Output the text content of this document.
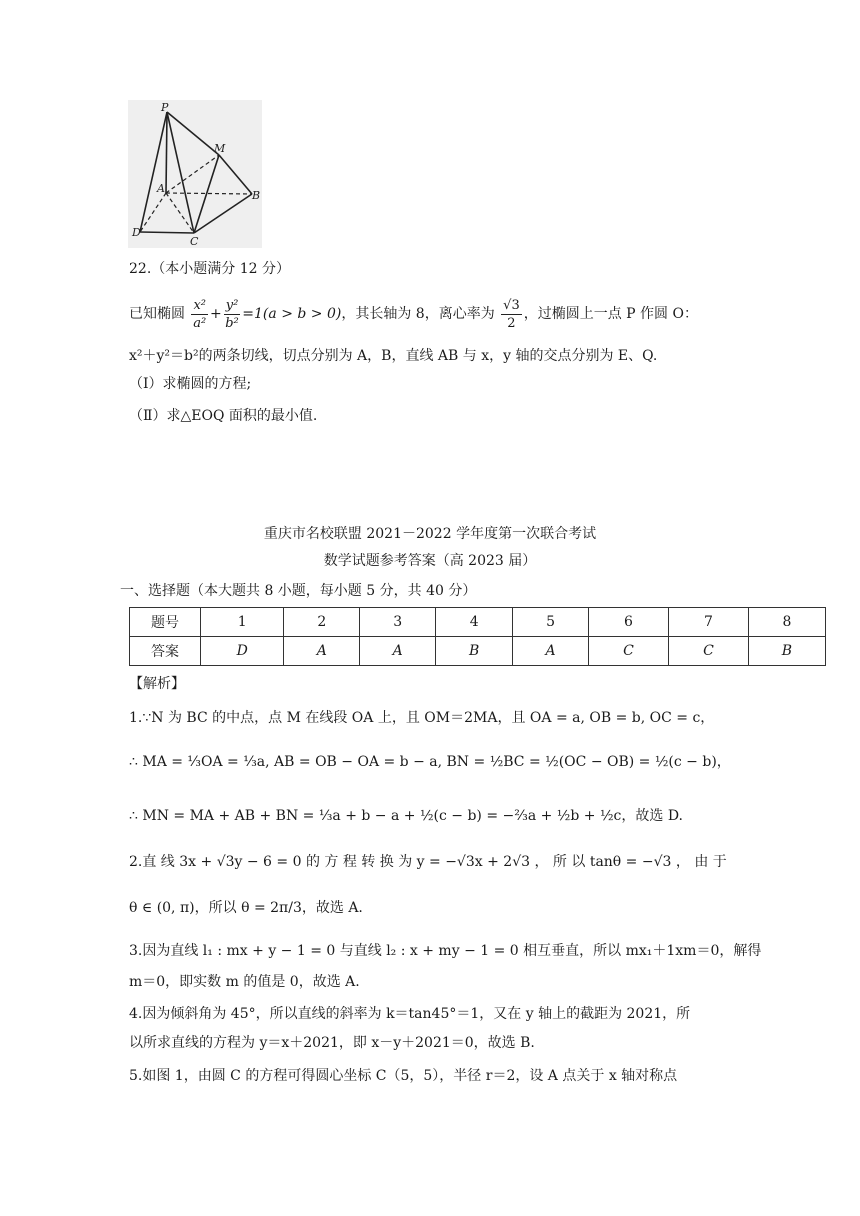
P
M
A
B
C
D
22.（本小题满分 12 分）
已知椭圆 $\frac{\text{x²}}{\text{a²}} + \frac{\text{y²}}{\text{b²}} =1(a > b > 0)$，其长轴为 8，离心率为 $\frac{√3}{2}$ ，过椭圆上一点 P 作圆 O：
x²＋y²＝b²的两条切线，切点分别为 A，B，直线 AB 与 x，y 轴的交点分别为 E、Q.
（Ⅰ）求椭圆的方程;
（Ⅱ）求△EOQ 面积的最小值.
重庆市名校联盟 2021－2022 学年度第一次联合考试
数学试题参考答案（高 2023 届）
一、选择题（本大题共 8 小题，每小题 5 分，共 40 分）
题号	1	2	3	4	5	6	7	8
答案	D	A	A	B	A	C	C	B
【解析】
1.∵N 为 BC 的中点，点 M 在线段 OA 上，且 OM＝2MA，且 OA = a, OB = b, OC = c，
∴ MA = ⅓OA = ⅓a, AB = OB − OA = b − a, BN = ½BC = ½(OC − OB) = ½(c − b)，
∴ MN = MA + AB + BN = ⅓a + b − a + ½(c − b) = −⅔a + ½b + ½c，故选 D.
2.直 线 3x + √3y − 6 = 0 的 方 程 转 换 为 y = −√3x + 2√3 ， 所 以 tanθ = −√3 ， 由 于
θ ∈ (0, π)，所以 θ = 2π/3，故选 A.
3.因为直线 l₁ : mx + y − 1 = 0 与直线 l₂ : x + my − 1 = 0 相互垂直，所以 mx₁＋1xm＝0，解得
m＝0，即实数 m 的值是 0，故选 A.
4.因为倾斜角为 45°，所以直线的斜率为 k＝tan45°＝1，又在 y 轴上的截距为 2021，所
以所求直线的方程为 y＝x＋2021，即 x－y＋2021＝0，故选 B.
5.如图 1，由圆 C 的方程可得圆心坐标 C（5，5），半径 r＝2，设 A 点关于 x 轴对称点
